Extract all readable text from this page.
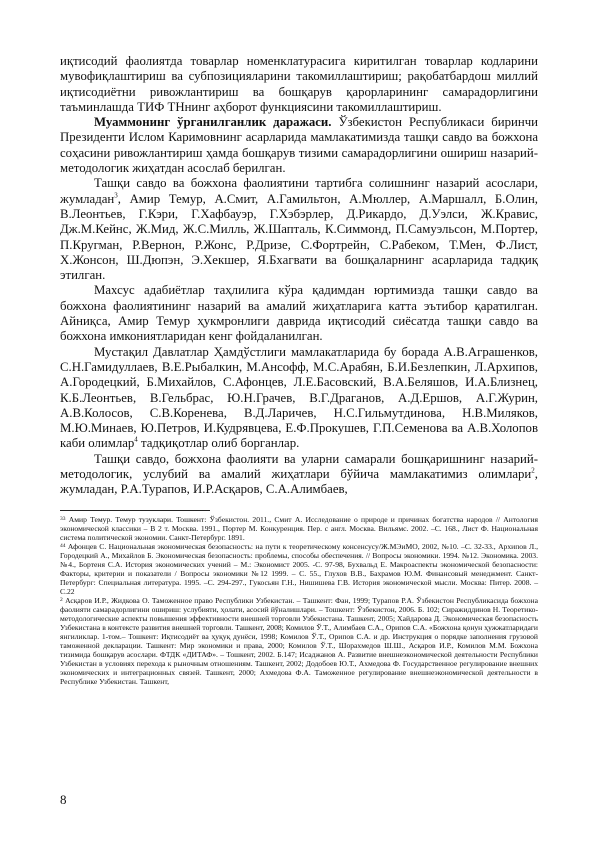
иқтисодий фаолиятда товарлар номенклатурасига киритилган товарлар кодларини мувофиқлаштириш ва субпозицияларини такомиллаштириш; рақобатбардош миллий иқтисодиётни ривожлантириш ва бошқарув қарорларининг самарадорлигини таъминлашда ТИФ ТНнинг аҳборот функциясини такомиллаштириш.

Муаммонинг ўрганилганлик даражаси. Ўзбекистон Республикаси биринчи Президенти Ислом Каримовнинг асарларида мамлакатимизда ташқи савдо ва божхона соҳасини ривожлантириш ҳамда бошқарув тизими самарадорлигини ошириш назарий-методологик жиҳатдан асослаб берилган.

Ташқи савдо ва божхона фаолиятини тартибга солишнинг назарий асослари, жумладан$^3$, Амир Темур, А.Смит, А.Гамильтон, А.Мюллер, А.Маршалл, Б.Олин, В.Леонтьев, Г.Кэри, Г.Хафбауэр, Г.Хэбэрлер, Д.Рикардо, Д.Уэлси, Ж.Кравис, Дж.М.Кейнс, Ж.Мид, Ж.С.Милль, Ж.Шапталь, К.Симмонд, П.Самуэльсон, М.Портер, П.Кругман, Р.Вернон, Р.Жонс, Р.Дризе, С.Фортрейн, С.Рабеком, Т.Мен, Ф.Лист, Х.Жонсон, Ш.Дюпэн, Э.Хекшер, Я.Бхагвати ва бошқаларнинг асарларида тадқиқ этилган.

Махсус адабиётлар таҳлилига кўра қадимдан юртимизда ташқи савдо ва божхона фаолиятининг назарий ва амалий жиҳатларига катта эътибор қаратилган. Айниқса, Амир Темур ҳукмронлиги даврида иқтисодий сиёсатда ташқи савдо ва божхона имкониятларидан кенг фойдаланилган.

Мустақил Давлатлар Ҳамдўстлиги мамлакатларида бу борада А.В.Аграшенков, С.Н.Гамидуллаев, В.Е.Рыбалкин, М.Ансофф, М.С.Арабян, Б.И.Безлепкин, Л.Архипов, А.Городецкий, Б.Михайлов, С.Афонцев, Л.Е.Басовский, В.А.Беляшов, И.А.Близнец, К.Б.Леонтьев, В.Гельбрас, Ю.Н.Грачев, В.Г.Драганов, А.Д.Ершов, А.Г.Журин, А.В.Колосов, С.В.Коренева, В.Д.Ларичев, Н.С.Гильмутдинова, Н.В.Миляков, М.Ю.Минаев, Ю.Петров, И.Кудрявцева, Е.Ф.Прокушев, Г.П.Семенова ва А.В.Холопов каби олимлар$^4$ тадқиқотлар олиб борганлар.

Ташқи савдо, божхона фаолияти ва уларни самарали бошқаришнинг назарий-методологик, услубий ва амалий жиҳатлари бўйича мамлакатимиз олимлари$^2$, жумладан, Р.А.Турапов, И.Р.Асқаров, С.А.Алимбаев,

$^{33}$ Амир Темур. Темур тузуклари. Тошкент: Ўзбекистон. 2011., Смит А. Исследование о природе и причинах богатства народов // Антология экономической классики – В 2 т. Москва. 1991., Портер М. Конкуренция. Пер. с англ. Москва. Вильямс. 2002. –С. 168., Лист Ф. Национальная система политической экономии. Санкт-Петербург. 1891.

$^{44}$ Афонцев С. Национальная экономическая безопасность: на пути к теоретическому консенсусу/Ж.МЭиМО, 2002, №10. –С. 32-33., Архипов Л., Городецкий А., Михайлов Б. Экономическая безопасность: проблемы, способы обеспечения. // Вопросы экономики. 1994. №12. Экономика. 2003. №4., Бортеня С.А. История экономических учений – М.: Экономист 2005. -С. 97-98, Бухвальд Е. Макроаспекты экономической безопасности: Факторы, критерии и показатели / Вопросы экономики №12 1999. – С. 55., Глухов В.В., Бахрамов Ю.М. Финансовый менеджмент. Санкт-Петербург: Специальная литература. 1995. –С. 294-297., Гукосьян Г.Н., Нишишева Г.В. История экономической мысли. Москва: Питер. 2008. –С.22

$^2$ Асқаров И.Р., Жидкова О. Таможенное право Республики Узбекистан. – Ташкент: Фан, 1999; Турапов Р.А. Ўзбекистон Республикасида божхона фаолияти самарадорлигини ошириш: услубияти, ҳолати, асосий йўналишлари. – Тошкент: Ўзбекистон, 2006. Б. 102; Сиражиддинов Н. Теоретико-методологические аспекты повышения эффективности внешней торговли Узбекистана. Ташкент, 2005; Хайдарова Д. Экономическая безопасность Узбекистана в контексте развития внешней торговли. Ташкент, 2008; Комилов Ў.Т., Алимбаев С.А., Орипов С.А. «Божхона қонун ҳужжатларидаги янгиликлар. 1-том.– Тошкент: Иқтисодиёт ва ҳуқуқ дунёси, 1998; Комилов Ў.Т., Орипов С.А. и др. Инструкция о порядке заполнения грузовой таможенной декларации. Ташкент: Мир экономики и права, 2000; Комилов Ў.Т., Шорахмедов Ш.Ш., Асқаров И.Р., Комилов М.М. Божхона тизимида бошқарув асослари. ФТДК «ДИТАФ». – Тошкент, 2002. Б.147; Исаджанов А. Развитие внешнеэкономической деятельности Республики Узбекистан в условиях перехода к рыночным отношениям. Ташкент, 2002; Додобоев Ю.Т., Ахмедова Ф. Государственное регулирование внешних экономических и интеграционных связей. Ташкент, 2000; Ахмедова Ф.А. Таможенное регулирование внешнеэкономической деятельности в Республике Узбекистан. Ташкент,

8
